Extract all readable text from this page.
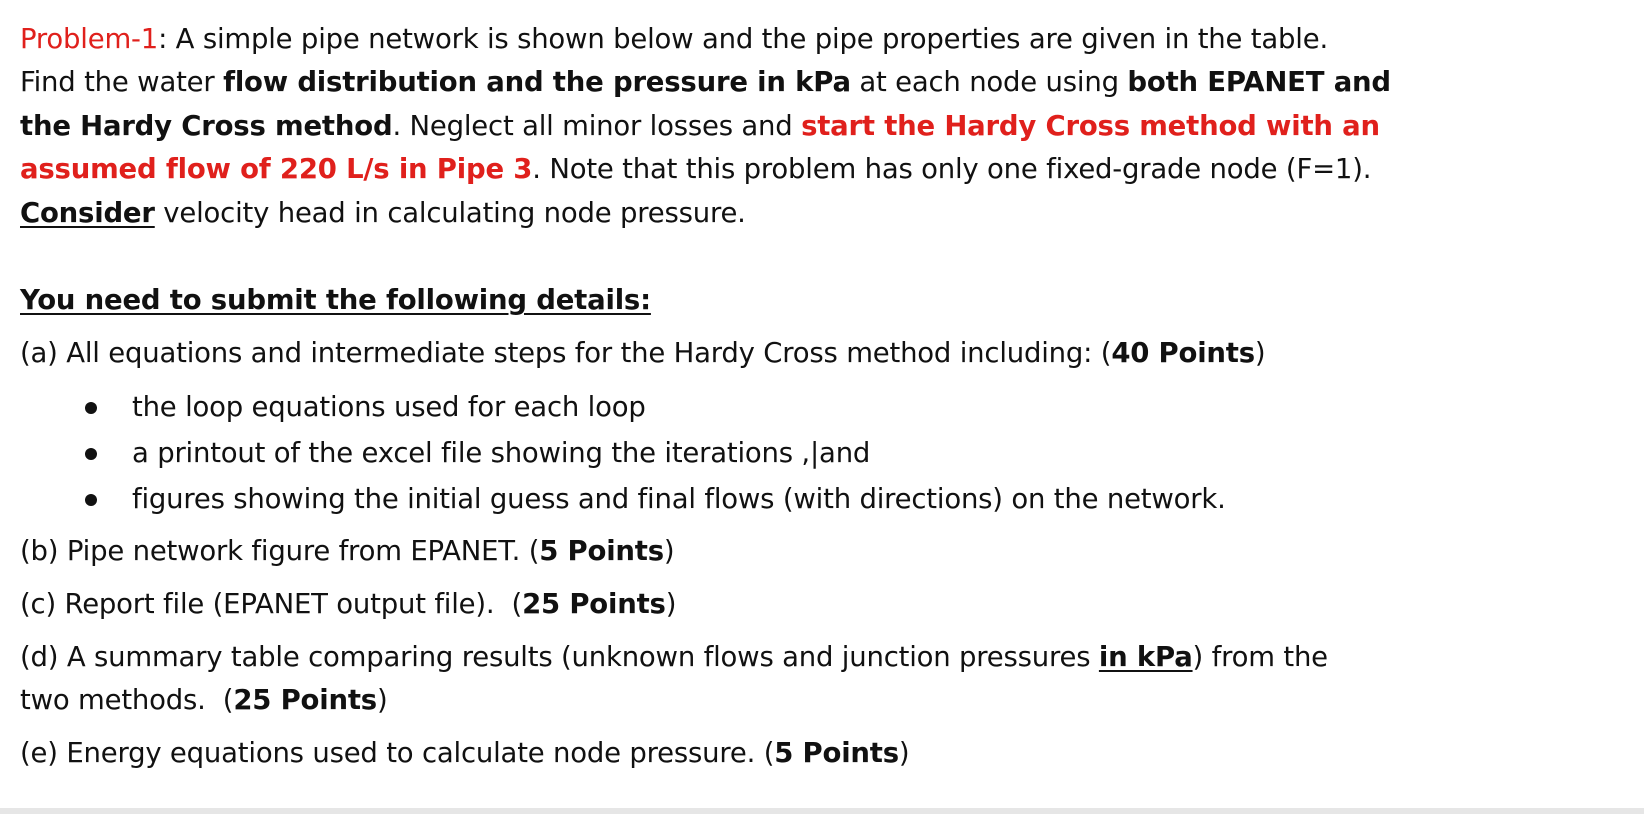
Problem-1: A simple pipe network is shown below and the pipe properties are given in the table.
Find the water flow distribution and the pressure in kPa at each node using both EPANET and
the Hardy Cross method. Neglect all minor losses and start the Hardy Cross method with an
assumed flow of 220 L/s in Pipe 3. Note that this problem has only one fixed-grade node (F=1).
Consider velocity head in calculating node pressure.
You need to submit the following details:
(a) All equations and intermediate steps for the Hardy Cross method including: (40 Points)
the loop equations used for each loop
a printout of the excel file showing the iterations ,|and
figures showing the initial guess and final flows (with directions) on the network.
(b) Pipe network figure from EPANET. (5 Points)
(c) Report file (EPANET output file).  (25 Points)
(d) A summary table comparing results (unknown flows and junction pressures in kPa) from the
two methods.  (25 Points)
(e) Energy equations used to calculate node pressure. (5 Points)
